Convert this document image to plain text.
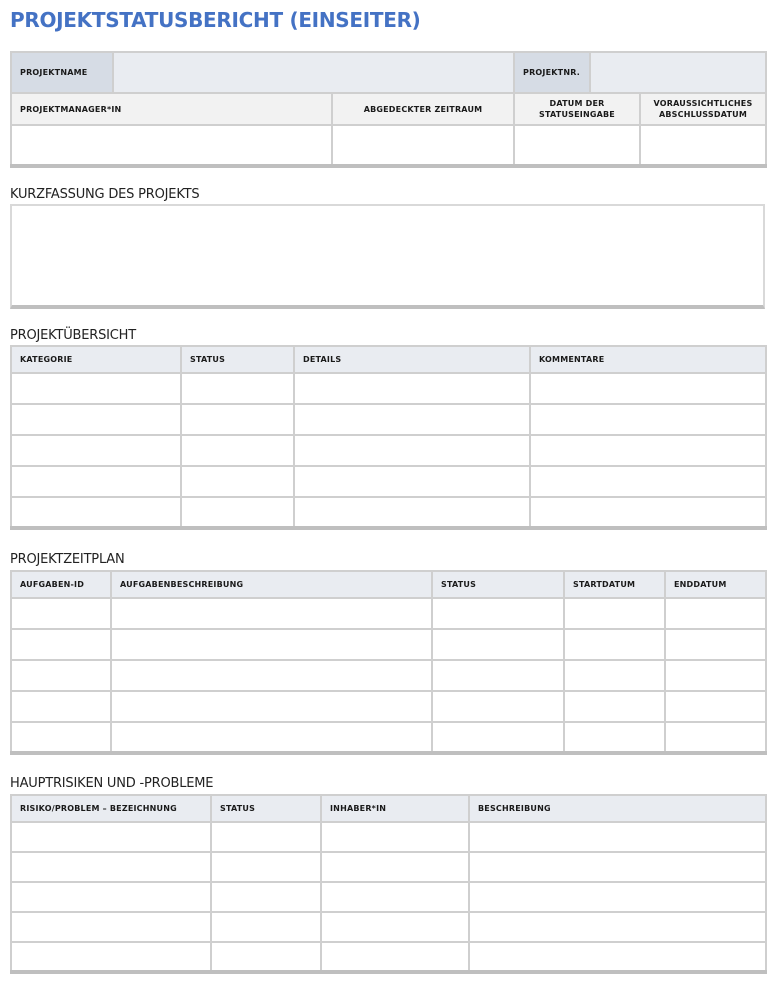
PROJEKTSTATUSBERICHT (EINSEITER)
PROJEKTNAME			PROJEKTNR.		
PROJEKTMANAGER*IN		ABGEDECKTER ZEITRAUM	DATUM DER STATUSEINGABE		VORAUSSICHTLICHES ABSCHLUSSDATUM

KURZFASSUNG DES PROJEKTS
PROJEKTÜBERSICHT
KATEGORIE	STATUS	DETAILS	KOMMENTARE

PROJEKTZEITPLAN
AUFGABEN-ID	AUFGABENBESCHREIBUNG	STATUS	STARTDATUM	ENDDATUM

HAUPTRISIKEN UND -PROBLEME
RISIKO/PROBLEM – BEZEICHNUNG	STATUS	INHABER*IN	BESCHREIBUNG
